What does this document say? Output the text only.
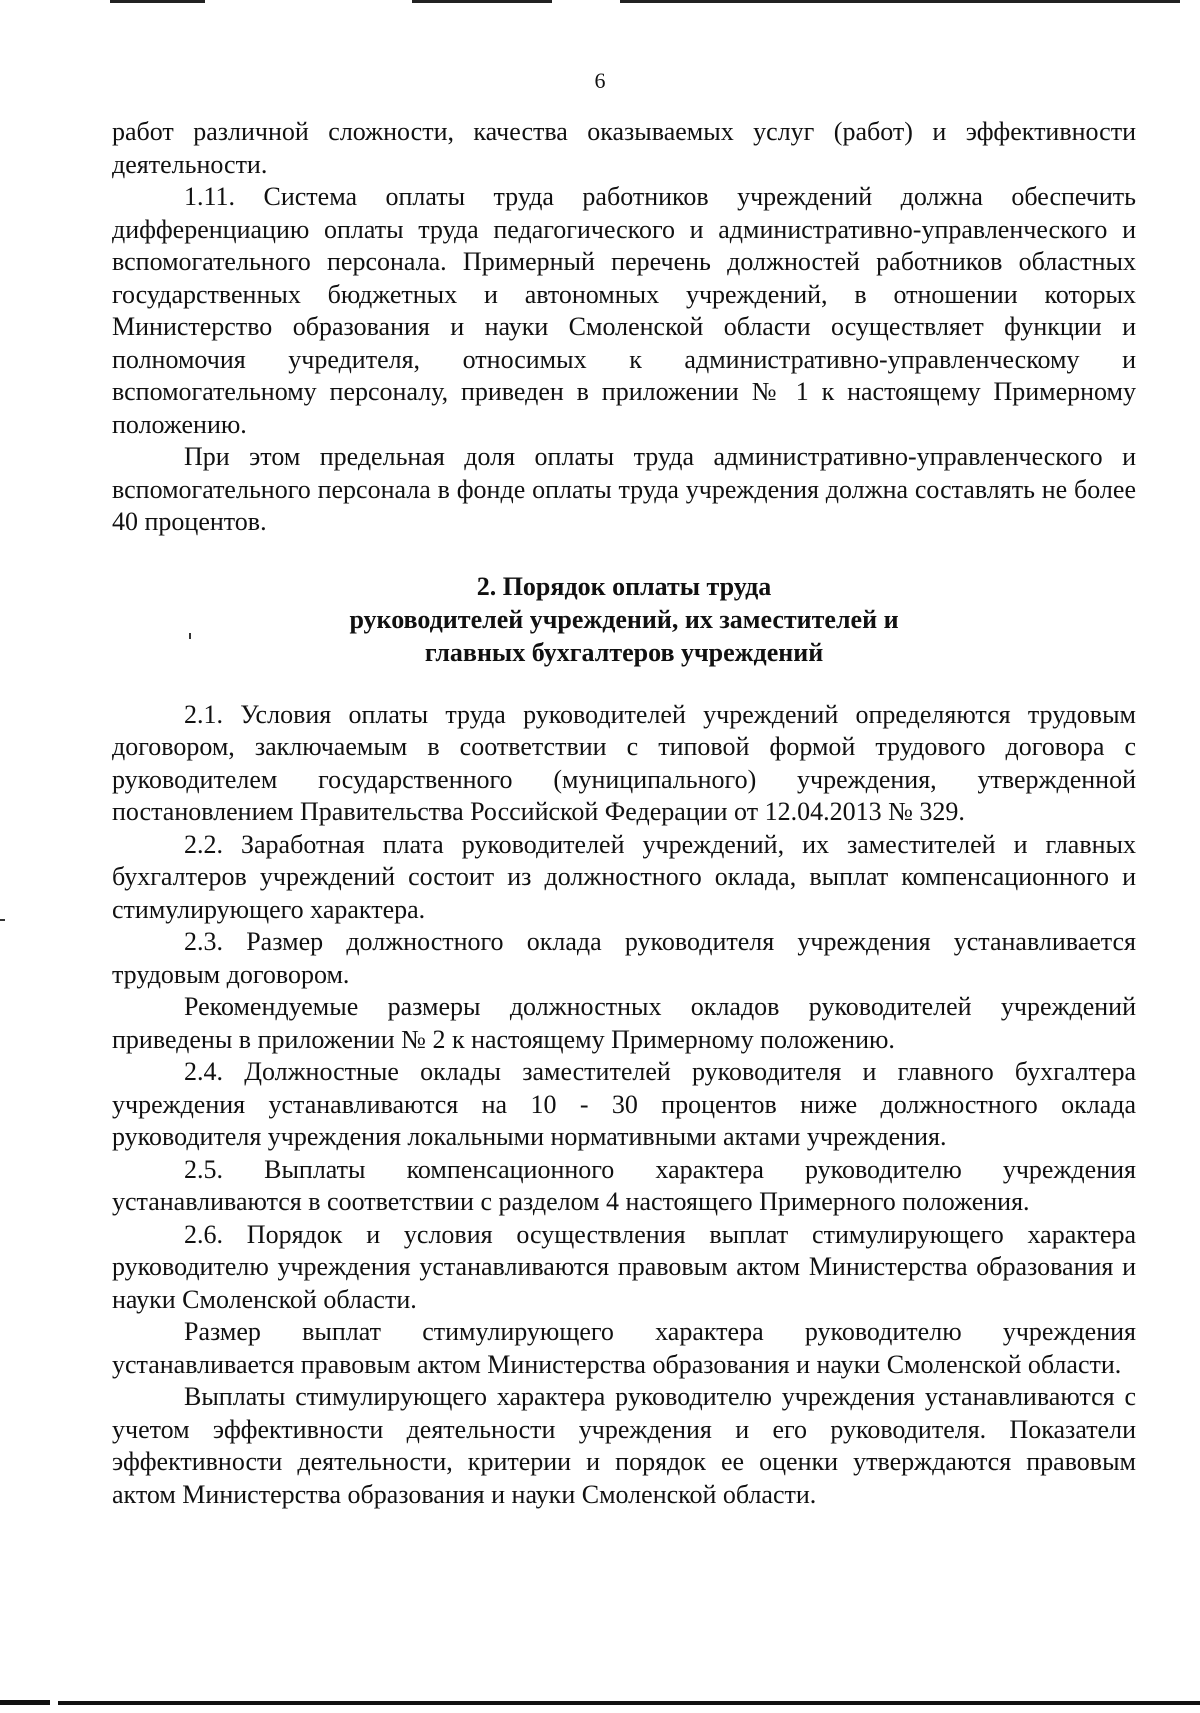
6

работ различной сложности, качества оказываемых услуг (работ) и эффективности деятельности.

1.11. Система оплаты труда работников учреждений должна обеспечить дифференциацию оплаты труда педагогического и административно-управленческого и вспомогательного персонала. Примерный перечень должностей работников областных государственных бюджетных и автономных учреждений, в отношении которых Министерство образования и науки Смоленской области осуществляет функции и полномочия учредителя, относимых к административно-управленческому и вспомогательному персоналу, приведен в приложении № 1 к настоящему Примерному положению.

При этом предельная доля оплаты труда административно-управленческого и вспомогательного персонала в фонде оплаты труда учреждения должна составлять не более 40 процентов.

2. Порядок оплаты труда
руководителей учреждений, их заместителей и
главных бухгалтеров учреждений

2.1. Условия оплаты труда руководителей учреждений определяются трудовым договором, заключаемым в соответствии с типовой формой трудового договора с руководителем государственного (муниципального) учреждения, утвержденной постановлением Правительства Российской Федерации от 12.04.2013 № 329.

2.2. Заработная плата руководителей учреждений, их заместителей и главных бухгалтеров учреждений состоит из должностного оклада, выплат компенсационного и стимулирующего характера.

2.3. Размер должностного оклада руководителя учреждения устанавливается трудовым договором.

Рекомендуемые размеры должностных окладов руководителей учреждений приведены в приложении № 2 к настоящему Примерному положению.

2.4. Должностные оклады заместителей руководителя и главного бухгалтера учреждения устанавливаются на 10 - 30 процентов ниже должностного оклада руководителя учреждения локальными нормативными актами учреждения.

2.5. Выплаты компенсационного характера руководителю учреждения устанавливаются в соответствии с разделом 4 настоящего Примерного положения.

2.6. Порядок и условия осуществления выплат стимулирующего характера руководителю учреждения устанавливаются правовым актом Министерства образования и науки Смоленской области.

Размер выплат стимулирующего характера руководителю учреждения устанавливается правовым актом Министерства образования и науки Смоленской области.

Выплаты стимулирующего характера руководителю учреждения устанавливаются с учетом эффективности деятельности учреждения и его руководителя. Показатели эффективности деятельности, критерии и порядок ее оценки утверждаются правовым актом Министерства образования и науки Смоленской области.
